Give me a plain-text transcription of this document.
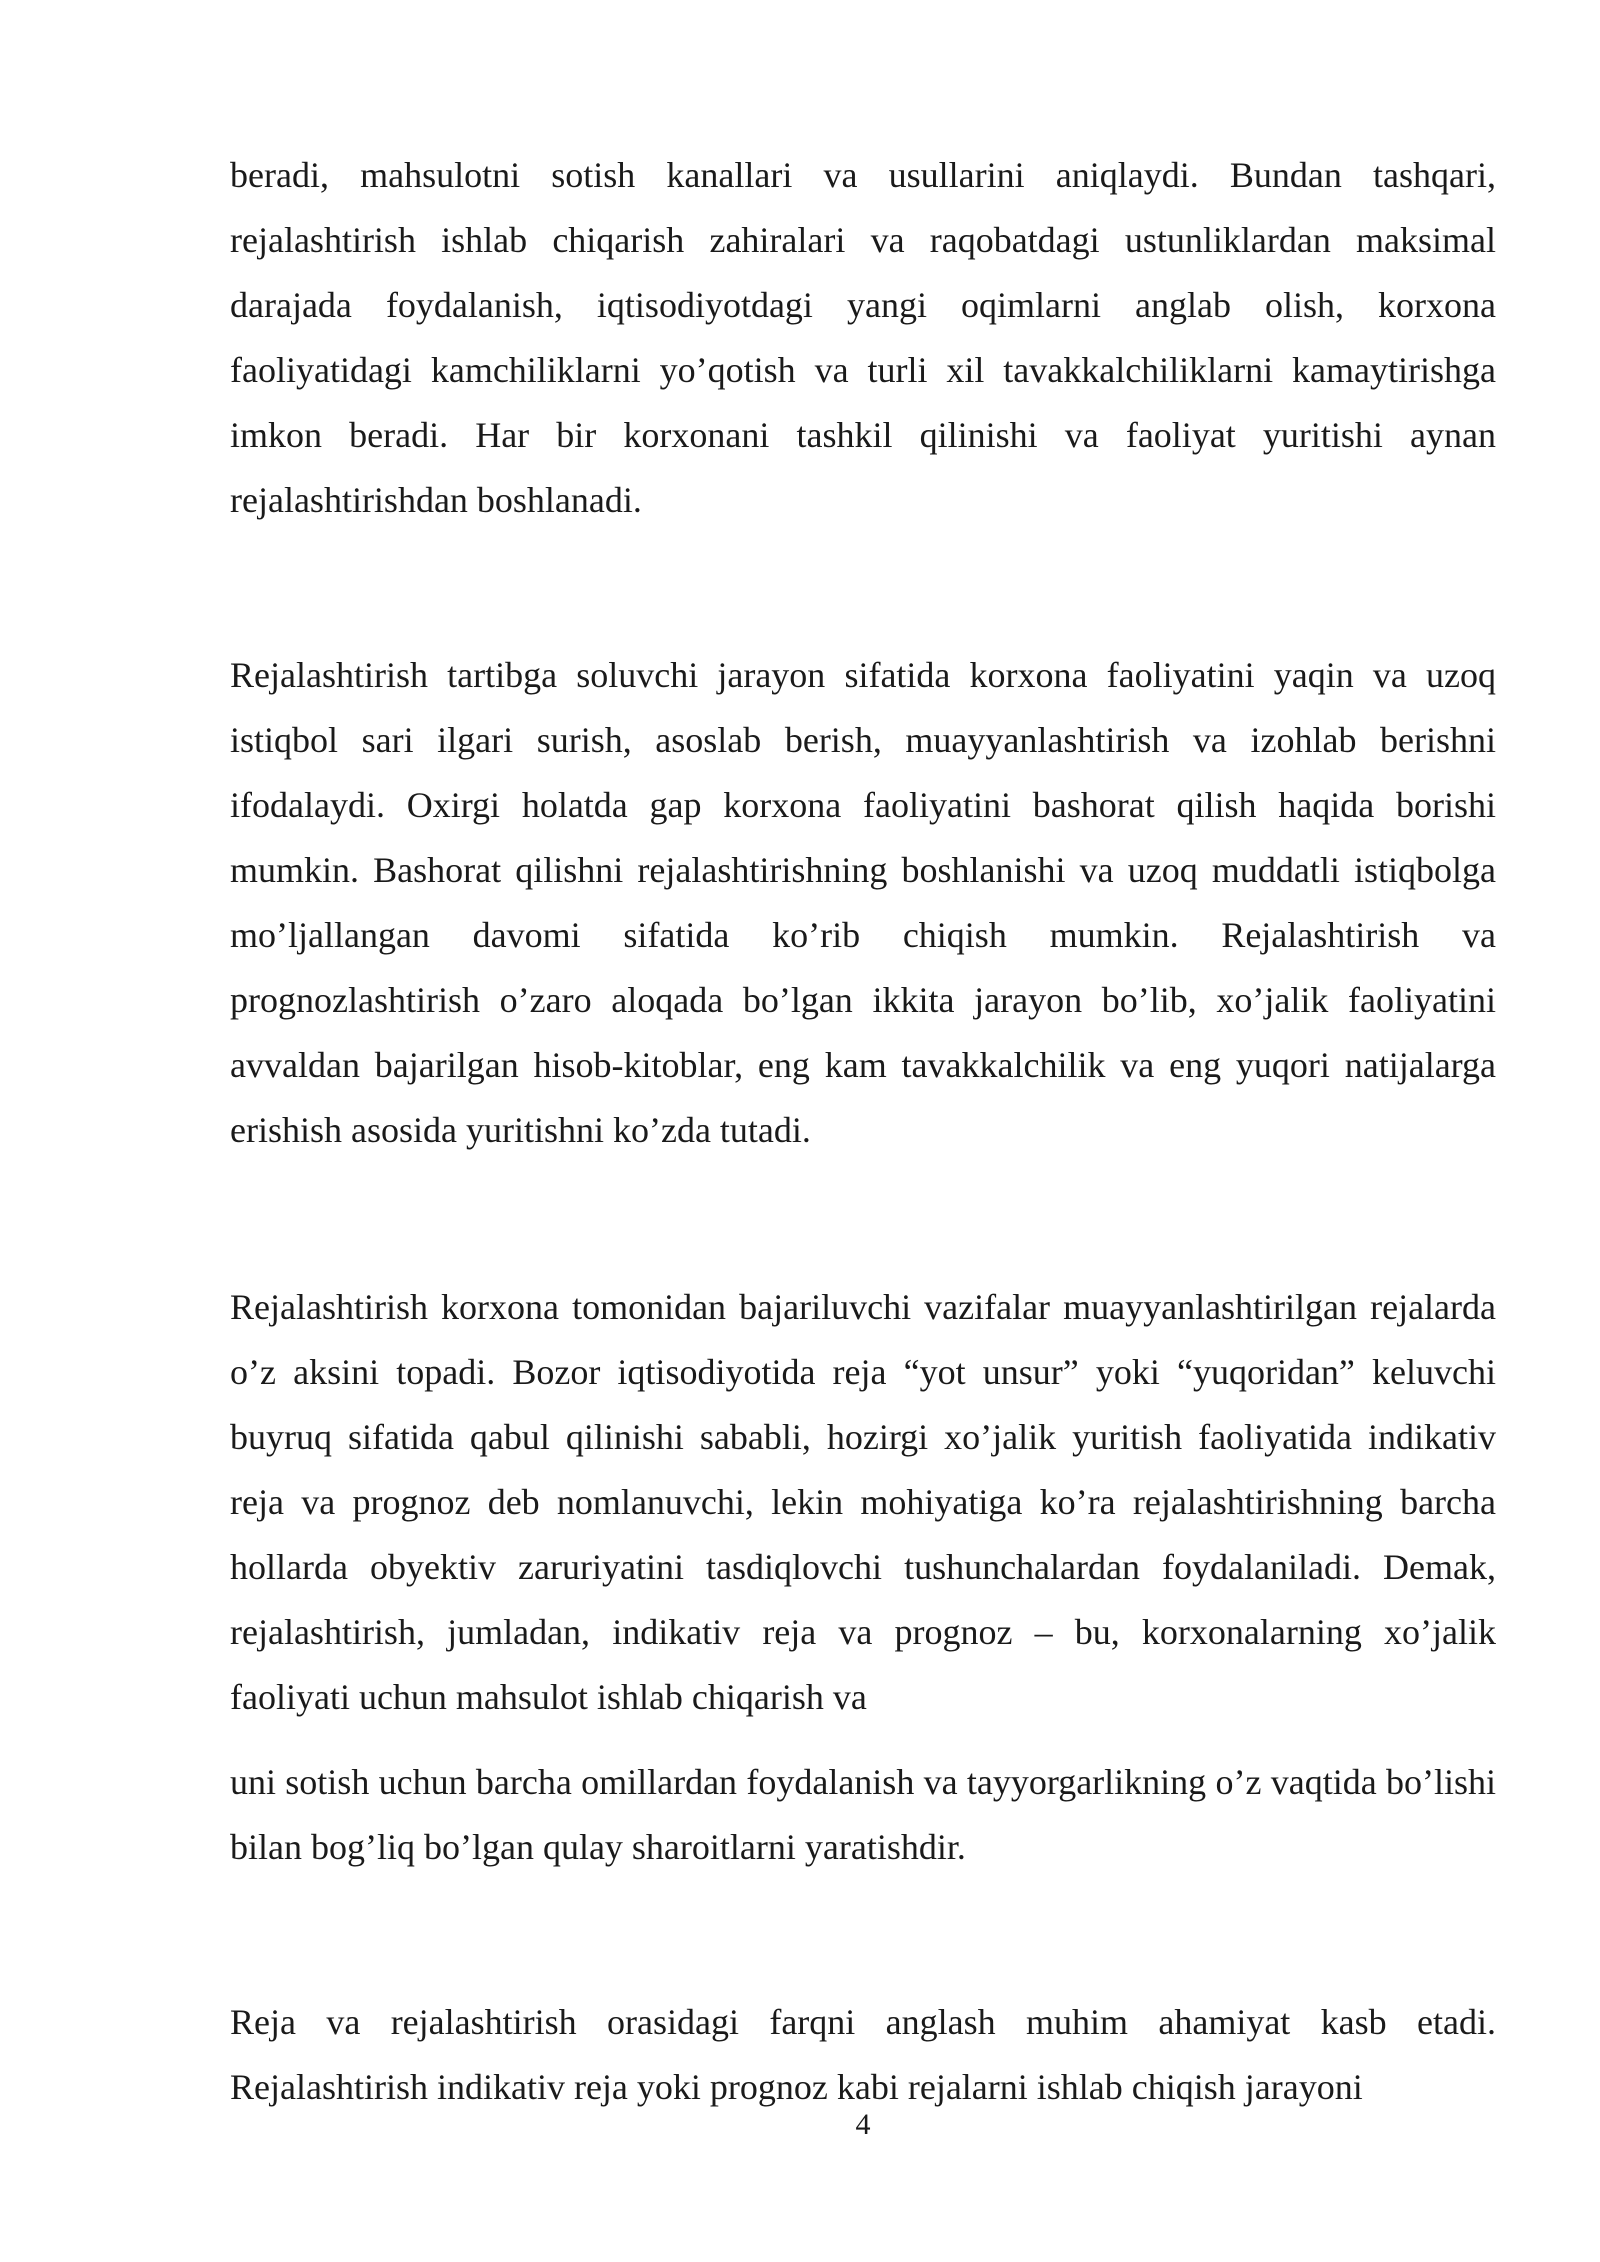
beradi, mahsulotni sotish kanallari va usullarini aniqlaydi. Bundan tashqari, rejalashtirish ishlab chiqarish zahiralari va raqobatdagi ustunliklardan maksimal darajada foydalanish, iqtisodiyotdagi yangi oqimlarni anglab olish, korxona faoliyatidagi kamchiliklarni yo’qotish va turli xil tavakkalchiliklarni kamaytirishga imkon beradi. Har bir korxonani tashkil qilinishi va faoliyat yuritishi aynan rejalashtirishdan boshlanadi.

Rejalashtirish tartibga soluvchi jarayon sifatida korxona faoliyatini yaqin va uzoq istiqbol sari ilgari surish, asoslab berish, muayyanlashtirish va izohlab berishni ifodalaydi. Oxirgi holatda gap korxona faoliyatini bashorat qilish haqida borishi mumkin. Bashorat qilishni rejalashtirishning boshlanishi va uzoq muddatli istiqbolga mo’ljallangan davomi sifatida ko’rib chiqish mumkin. Rejalashtirish va prognozlashtirish o’zaro aloqada bo’lgan ikkita jarayon bo’lib, xo’jalik faoliyatini avvaldan bajarilgan hisob-kitoblar, eng kam tavakkalchilik va eng yuqori natijalarga erishish asosida yuritishni ko’zda tutadi.

Rejalashtirish korxona tomonidan bajariluvchi vazifalar muayyanlashtirilgan rejalarda o’z aksini topadi. Bozor iqtisodiyotida reja “yot unsur” yoki “yuqoridan” keluvchi buyruq sifatida qabul qilinishi sababli, hozirgi xo’jalik yuritish faoliyatida indikativ reja va prognoz deb nomlanuvchi, lekin mohiyatiga ko’ra rejalashtirishning barcha hollarda obyektiv zaruriyatini tasdiqlovchi tushunchalardan foydalaniladi. Demak, rejalashtirish, jumladan, indikativ reja va prognoz – bu, korxonalarning xo’jalik faoliyati uchun mahsulot ishlab chiqarish va

uni sotish uchun barcha omillardan foydalanish va tayyorgarlikning o’z vaqtida bo’lishi bilan bog’liq bo’lgan qulay sharoitlarni yaratishdir.

Reja va rejalashtirish orasidagi farqni anglash muhim ahamiyat kasb etadi. Rejalashtirish indikativ reja yoki prognoz kabi rejalarni ishlab chiqish jarayoni

4
